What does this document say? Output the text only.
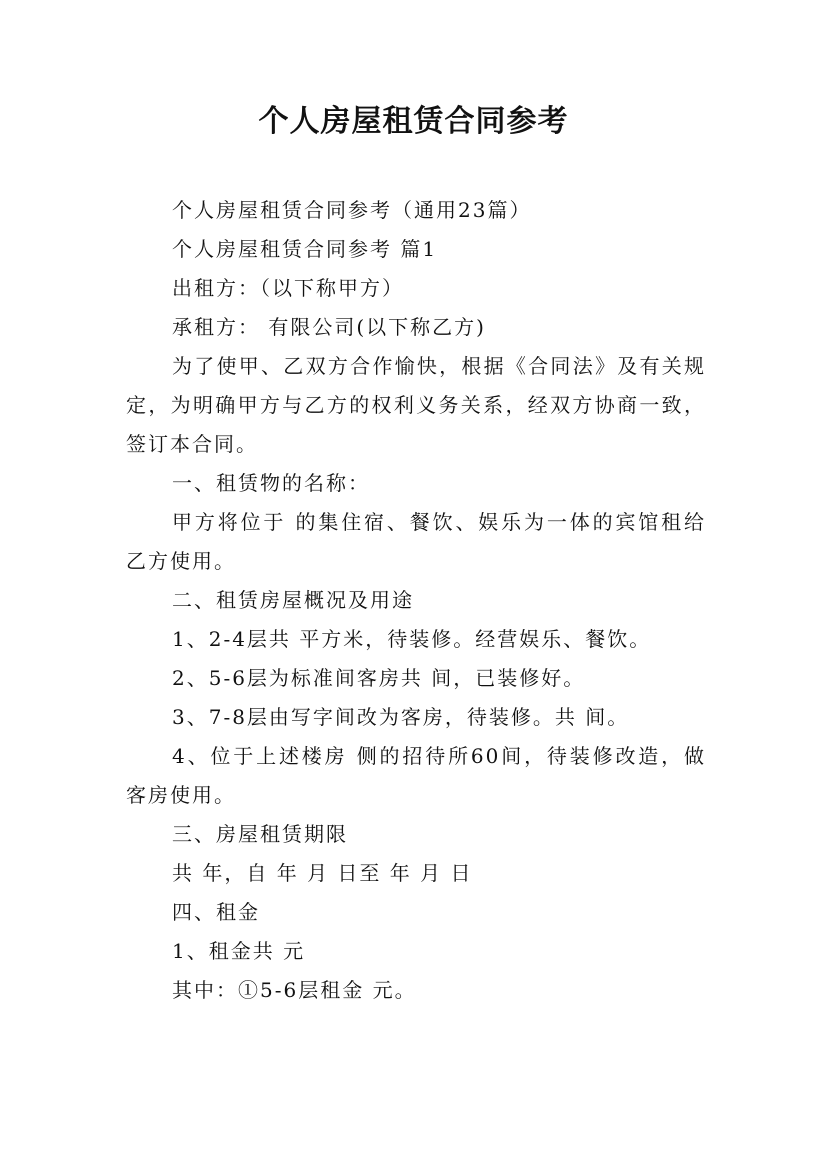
个人房屋租赁合同参考

个人房屋租赁合同参考（通用23篇）

个人房屋租赁合同参考 篇1

出租方：（以下称甲方）

承租方： 有限公司(以下称乙方)

为了使甲、乙双方合作愉快，根据《合同法》及有关规定，为明确甲方与乙方的权利义务关系，经双方协商一致，签订本合同。

一、租赁物的名称：

甲方将位于 的集住宿、餐饮、娱乐为一体的宾馆租给乙方使用。

二、租赁房屋概况及用途

1、2-4层共 平方米，待装修。经营娱乐、餐饮。

2、5-6层为标准间客房共 间，已装修好。

3、7-8层由写字间改为客房，待装修。共 间。

4、位于上述楼房 侧的招待所60间，待装修改造，做客房使用。

三、房屋租赁期限

共 年，自 年 月 日至 年 月 日

四、租金

1、租金共 元

其中：①5-6层租金 元。
